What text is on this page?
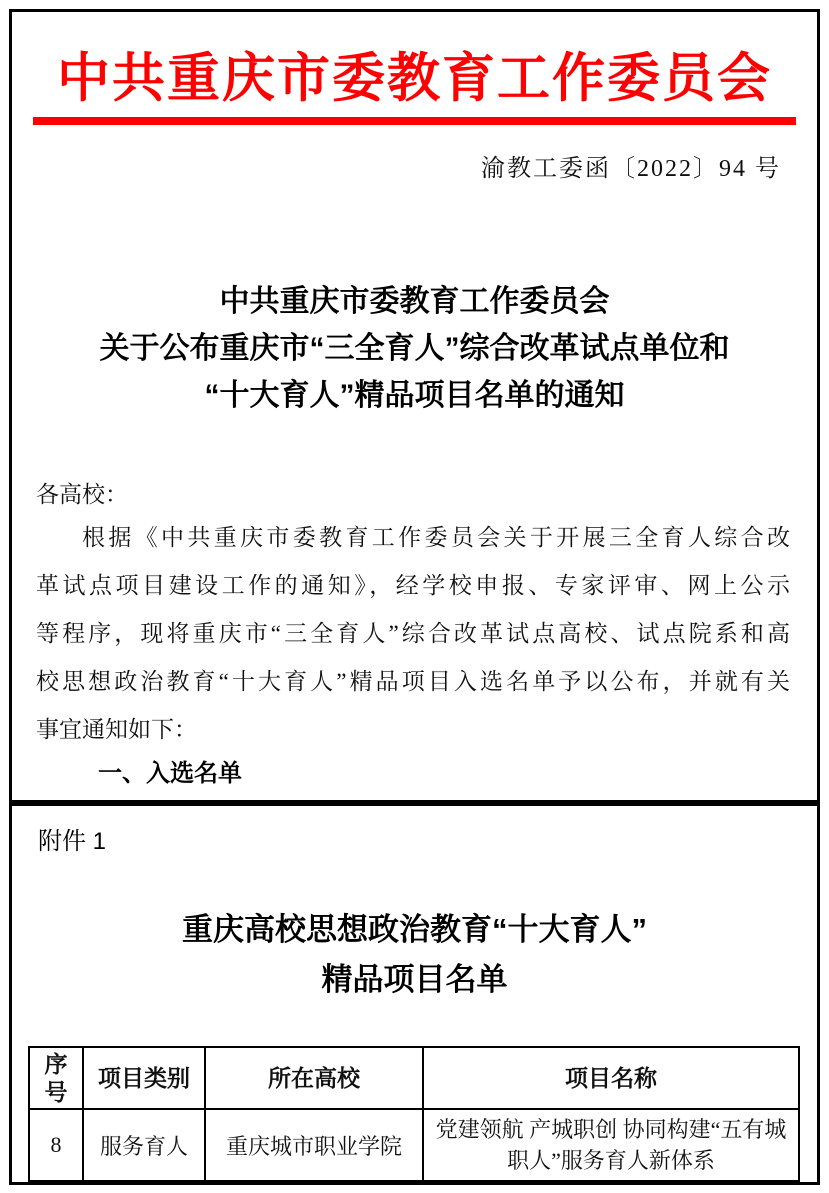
中共重庆市委教育工作委员会
渝教工委函〔2022〕94 号
中共重庆市委教育工作委员会
关于公布重庆市“三全育人”综合改革试点单位和
“十大育人”精品项目名单的通知
各高校：
根据《中共重庆市委教育工作委员会关于开展三全育人综合改
革试点项目建设工作的通知》，经学校申报、专家评审、网上公示
等程序，现将重庆市“三全育人”综合改革试点高校、试点院系和高
校思想政治教育“十大育人”精品项目入选名单予以公布，并就有关
事宜通知如下：
一、入选名单
附件 1
重庆高校思想政治教育“十大育人”
精品项目名单
序号	项目类别	所在高校	项目名称
8	服务育人	重庆城市职业学院	党建领航 产城职创 协同构建“五有城职人”服务育人新体系
